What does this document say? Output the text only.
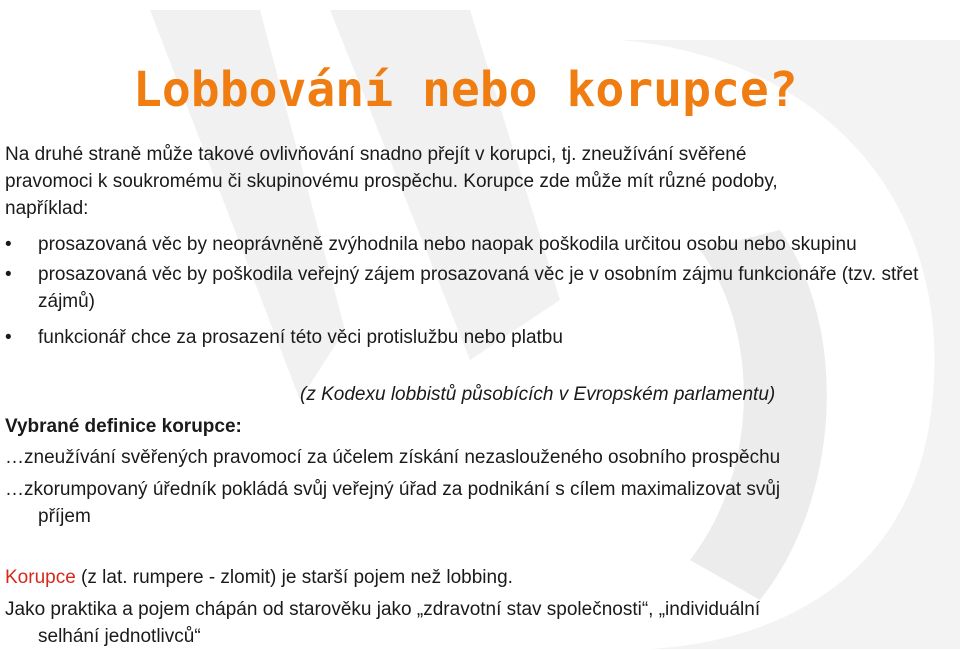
Lobbování nebo korupce?

Na druhé straně může takové ovlivňování snadno přejít v korupci, tj. zneužívání svěřené pravomoci k soukromému či skupinovému prospěchu. Korupce zde může mít různé podoby, například:

• prosazovaná věc by neoprávněně zvýhodnila nebo naopak poškodila určitou osobu nebo skupinu
• prosazovaná věc by poškodila veřejný zájem prosazovaná věc je v osobním zájmu funkcionáře (tzv. střet zájmů)
• funkcionář chce za prosazení této věci protislužbu nebo platbu
(z Kodexu lobbistů působících v Evropském parlamentu)
Vybrané definice korupce:
…zneužívání svěřených pravomocí za účelem získání nezaslouženého osobního prospěchu
…zkorumpovaný úředník pokládá svůj veřejný úřad za podnikání s cílem maximalizovat svůj
příjem
Korupce (z lat. rumpere - zlomit) je starší pojem než lobbing.
Jako praktika a pojem chápán od starověku jako „zdravotní stav společnosti“, „individuální
selhání jednotlivců“
